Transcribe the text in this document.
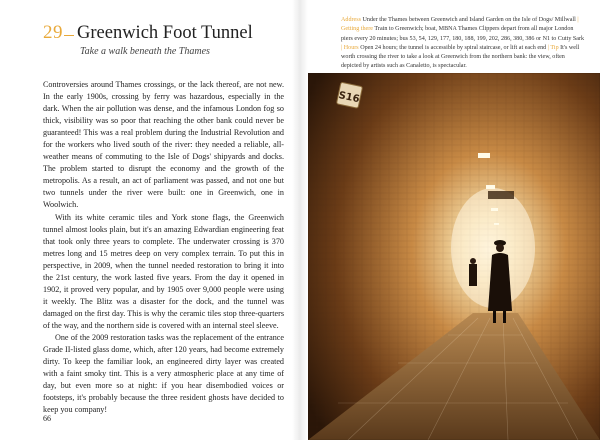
29 Greenwich Foot Tunnel
Take a walk beneath the Thames

Controversies around Thames crossings, or the lack thereof, are not new. In the early 1900s, crossing by ferry was hazardous, especially in the dark. When the air pollution was dense, and the infamous London fog so thick, visibility was so poor that reaching the other bank could never be guaranteed! This was a real problem during the Industrial Revolution and for the workers who lived south of the river: they needed a reliable, all-weather means of commuting to the Isle of Dogs' shipyards and docks. The problem started to disrupt the economy and the growth of the metropolis. As a result, an act of parliament was passed, and not one but two tunnels under the river were built: one in Greenwich, one in Woolwich.

With its white ceramic tiles and York stone flags, the Greenwich tunnel almost looks plain, but it's an amazing Edwardian engineering feat that took only three years to complete. The underwater crossing is 370 metres long and 15 metres deep on very complex terrain. To put this in perspective, in 2009, when the tunnel needed restoration to bring it into the 21st century, the work lasted five years. From the day it opened in 1902, it proved very popular, and by 1905 over 9,000 people were using it weekly. The Blitz was a disaster for the dock, and the tunnel was damaged on the first day. This is why the ceramic tiles stop three-quarters of the way, and the northern side is covered with an internal steel sleeve.

One of the 2009 restoration tasks was the replacement of the entrance Grade II-listed glass dome, which, after 120 years, had become extremely dirty. To keep the familiar look, an engineered dirty layer was created with a faint smoky tint. This is a very atmospheric place at any time of day, but even more so at night: if you hear disembodied voices or footsteps, it's probably because the three resident ghosts have decided to keep you company!

66
Address Under the Thames between Greenwich and Island Garden on the Isle of Dogs/ Millwall | Getting there Train to Greenwich; boat, MBNA Thames Clippers depart from all major London piers every 20 minutes; bus 53, 54, 129, 177, 180, 188, 199, 202, 286, 380, 386 or N1 to Cutty Sark | Hours Open 24 hours; the tunnel is accessible by spiral staircase, or lift at each end | Tip It's well worth crossing the river to take a look at Greenwich from the northern bank: the view, often depicted by artists such as Canaletto, is spectacular.
S16
